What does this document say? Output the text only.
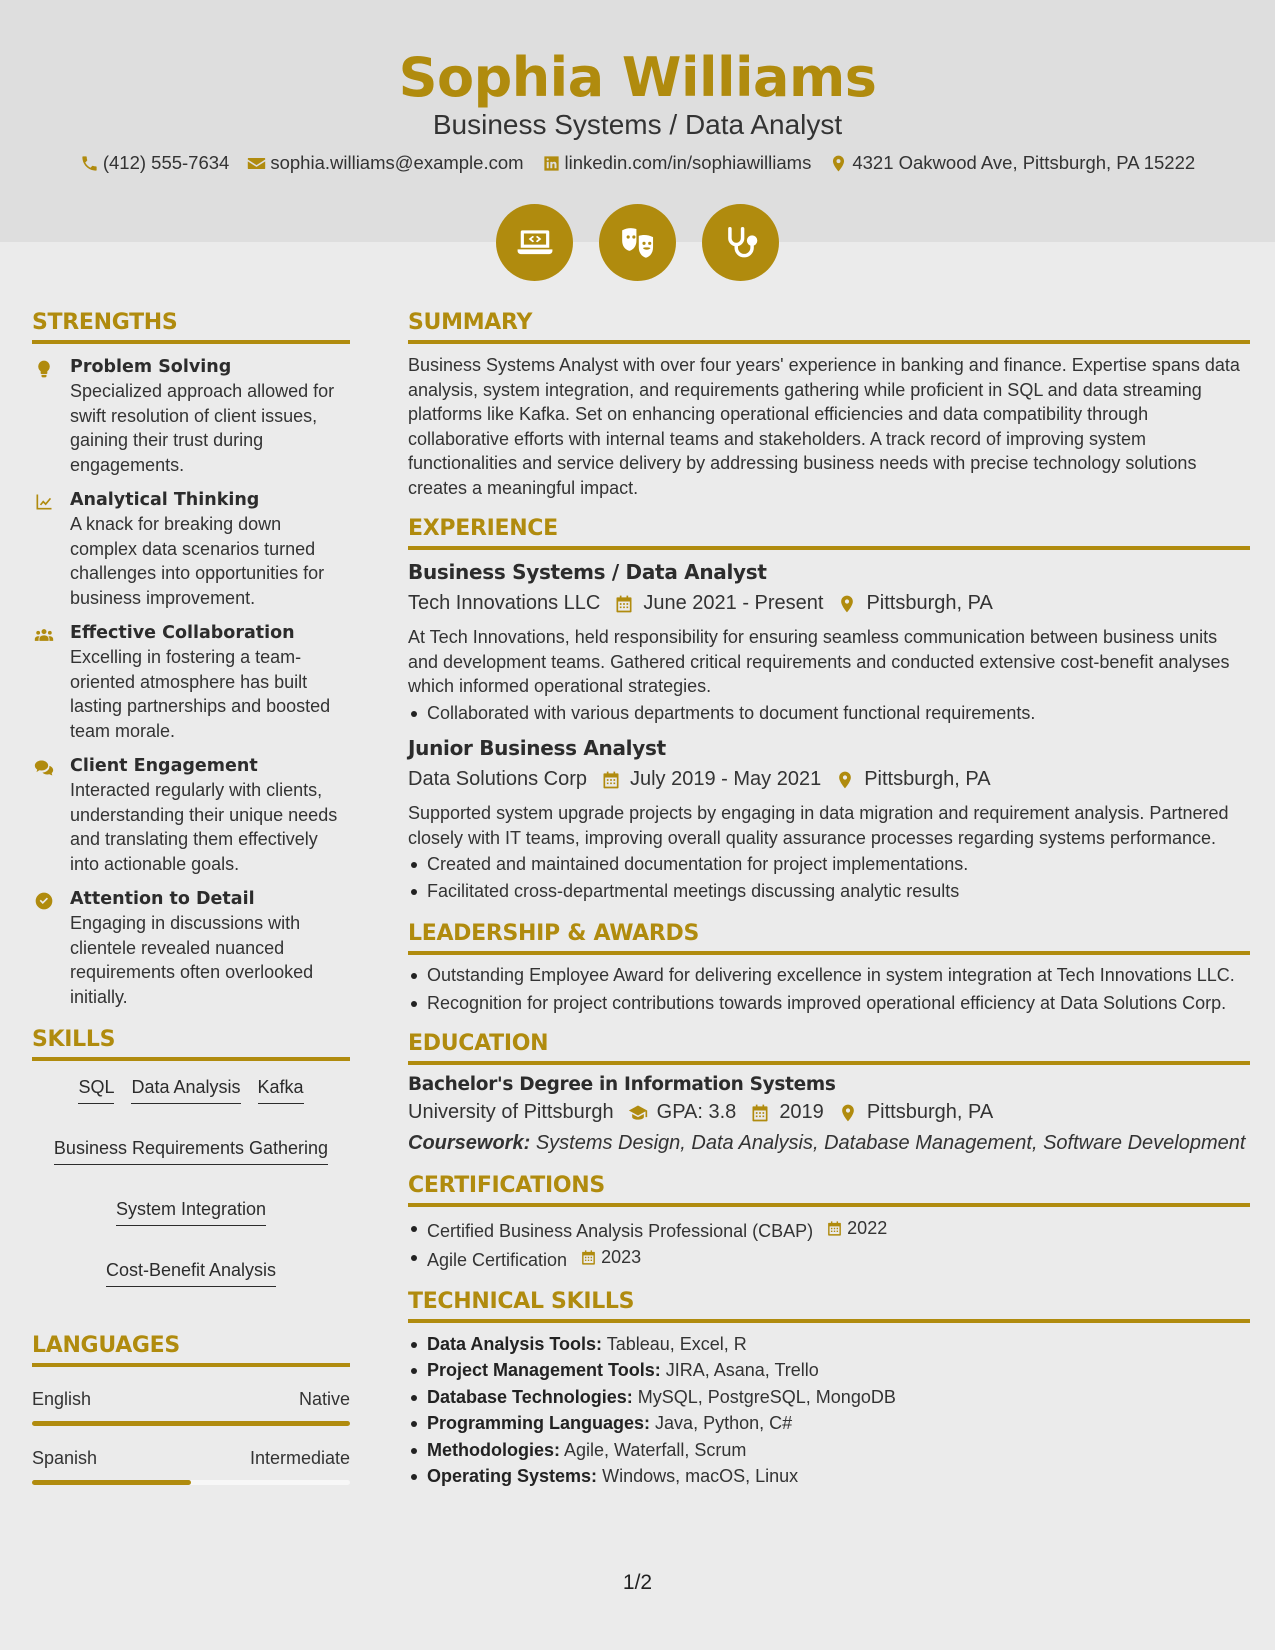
Sophia Williams
Business Systems / Data Analyst
(412) 555-7634 sophia.williams@example.com linkedin.com/in/sophiawilliams 4321 Oakwood Ave, Pittsburgh, PA 15222
STRENGTHS
Problem Solving
Specialized approach allowed for swift resolution of client issues, gaining their trust during engagements.
Analytical Thinking
A knack for breaking down complex data scenarios turned challenges into opportunities for business improvement.
Effective Collaboration
Excelling in fostering a team-oriented atmosphere has built lasting partnerships and boosted team morale.
Client Engagement
Interacted regularly with clients, understanding their unique needs and translating them effectively into actionable goals.
Attention to Detail
Engaging in discussions with clientele revealed nuanced requirements often overlooked initially.
SKILLS
SQL Data Analysis Kafka
Business Requirements Gathering
System Integration
Cost-Benefit Analysis
LANGUAGES
English	Native
Spanish	Intermediate
SUMMARY
Business Systems Analyst with over four years' experience in banking and finance. Expertise spans data analysis, system integration, and requirements gathering while proficient in SQL and data streaming platforms like Kafka. Set on enhancing operational efficiencies and data compatibility through collaborative efforts with internal teams and stakeholders. A track record of improving system functionalities and service delivery by addressing business needs with precise technology solutions creates a meaningful impact.
EXPERIENCE
Business Systems / Data Analyst
Tech Innovations LLC June 2021 - Present Pittsburgh, PA
At Tech Innovations, held responsibility for ensuring seamless communication between business units and development teams. Gathered critical requirements and conducted extensive cost-benefit analyses which informed operational strategies.
Collaborated with various departments to document functional requirements.
Junior Business Analyst
Data Solutions Corp July 2019 - May 2021 Pittsburgh, PA
Supported system upgrade projects by engaging in data migration and requirement analysis. Partnered closely with IT teams, improving overall quality assurance processes regarding systems performance.
Created and maintained documentation for project implementations.
Facilitated cross-departmental meetings discussing analytic results
LEADERSHIP & AWARDS
Outstanding Employee Award for delivering excellence in system integration at Tech Innovations LLC.
Recognition for project contributions towards improved operational efficiency at Data Solutions Corp.
EDUCATION
Bachelor's Degree in Information Systems
University of Pittsburgh GPA: 3.8 2019 Pittsburgh, PA
Coursework: Systems Design, Data Analysis, Database Management, Software Development
CERTIFICATIONS
Certified Business Analysis Professional (CBAP) 2022
Agile Certification 2023
TECHNICAL SKILLS
Data Analysis Tools: Tableau, Excel, R
Project Management Tools: JIRA, Asana, Trello
Database Technologies: MySQL, PostgreSQL, MongoDB
Programming Languages: Java, Python, C#
Methodologies: Agile, Waterfall, Scrum
Operating Systems: Windows, macOS, Linux
1/2
